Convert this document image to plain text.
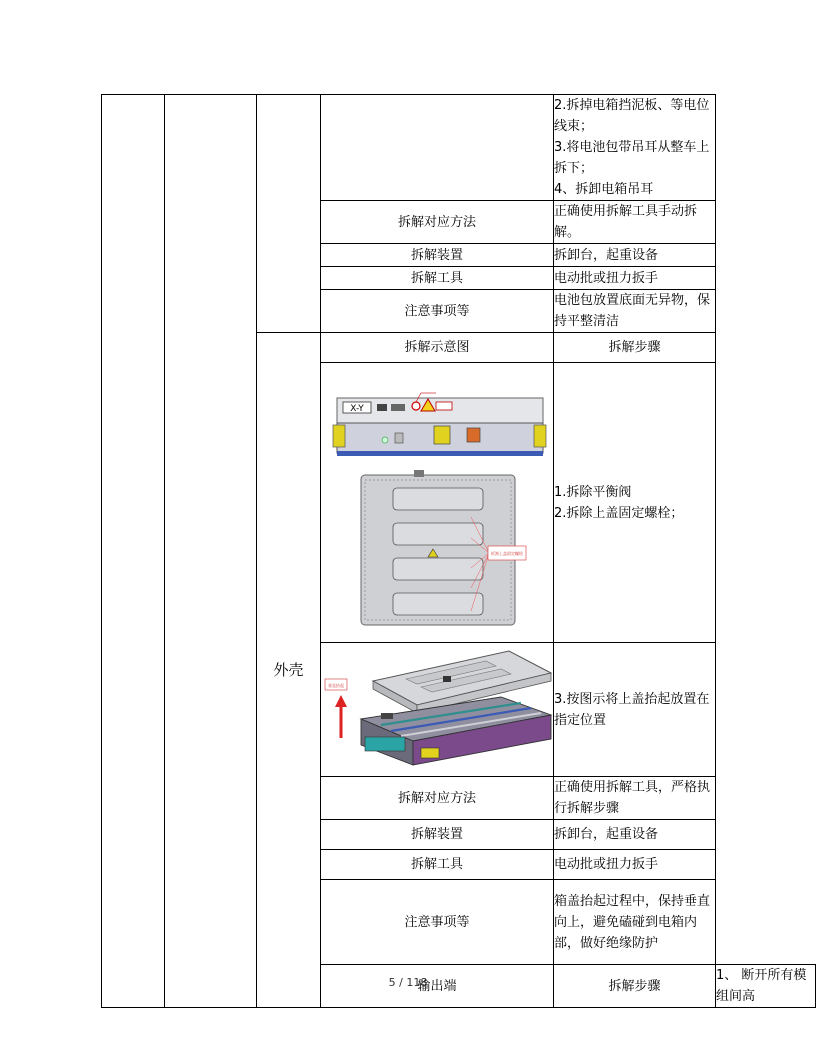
				2.拆掉电箱挡泥板、等电位线束；
3.将电池包带吊耳从整车上拆下；
4、拆卸电箱吊耳	
			拆解对应方法	正确使用拆解工具手动拆解。	
			拆解装置	拆卸台，起重设备	
			拆解工具	电动批或扭力扳手	
			注意事项等	电池包放置底面无异物，保持平整清洁	
		外壳	拆解示意图	拆解步骤	

X-Y
拆卸上盖固定螺栓	1.拆除平衡阀
2.拆除上盖固定螺栓；	

垂直抬起	3.按图示将上盖抬起放置在指定位置	
			拆解对应方法	正确使用拆解工具，严格执行拆解步骤	
			拆解装置	拆卸台，起重设备	
			拆解工具	电动批或扭力扳手	
			注意事项等	箱盖抬起过程中，保持垂直向上，避免磕碰到电箱内部，做好绝缘防护	
			输出端	拆解步骤	1、 断开所有模组间高
5 / 118
